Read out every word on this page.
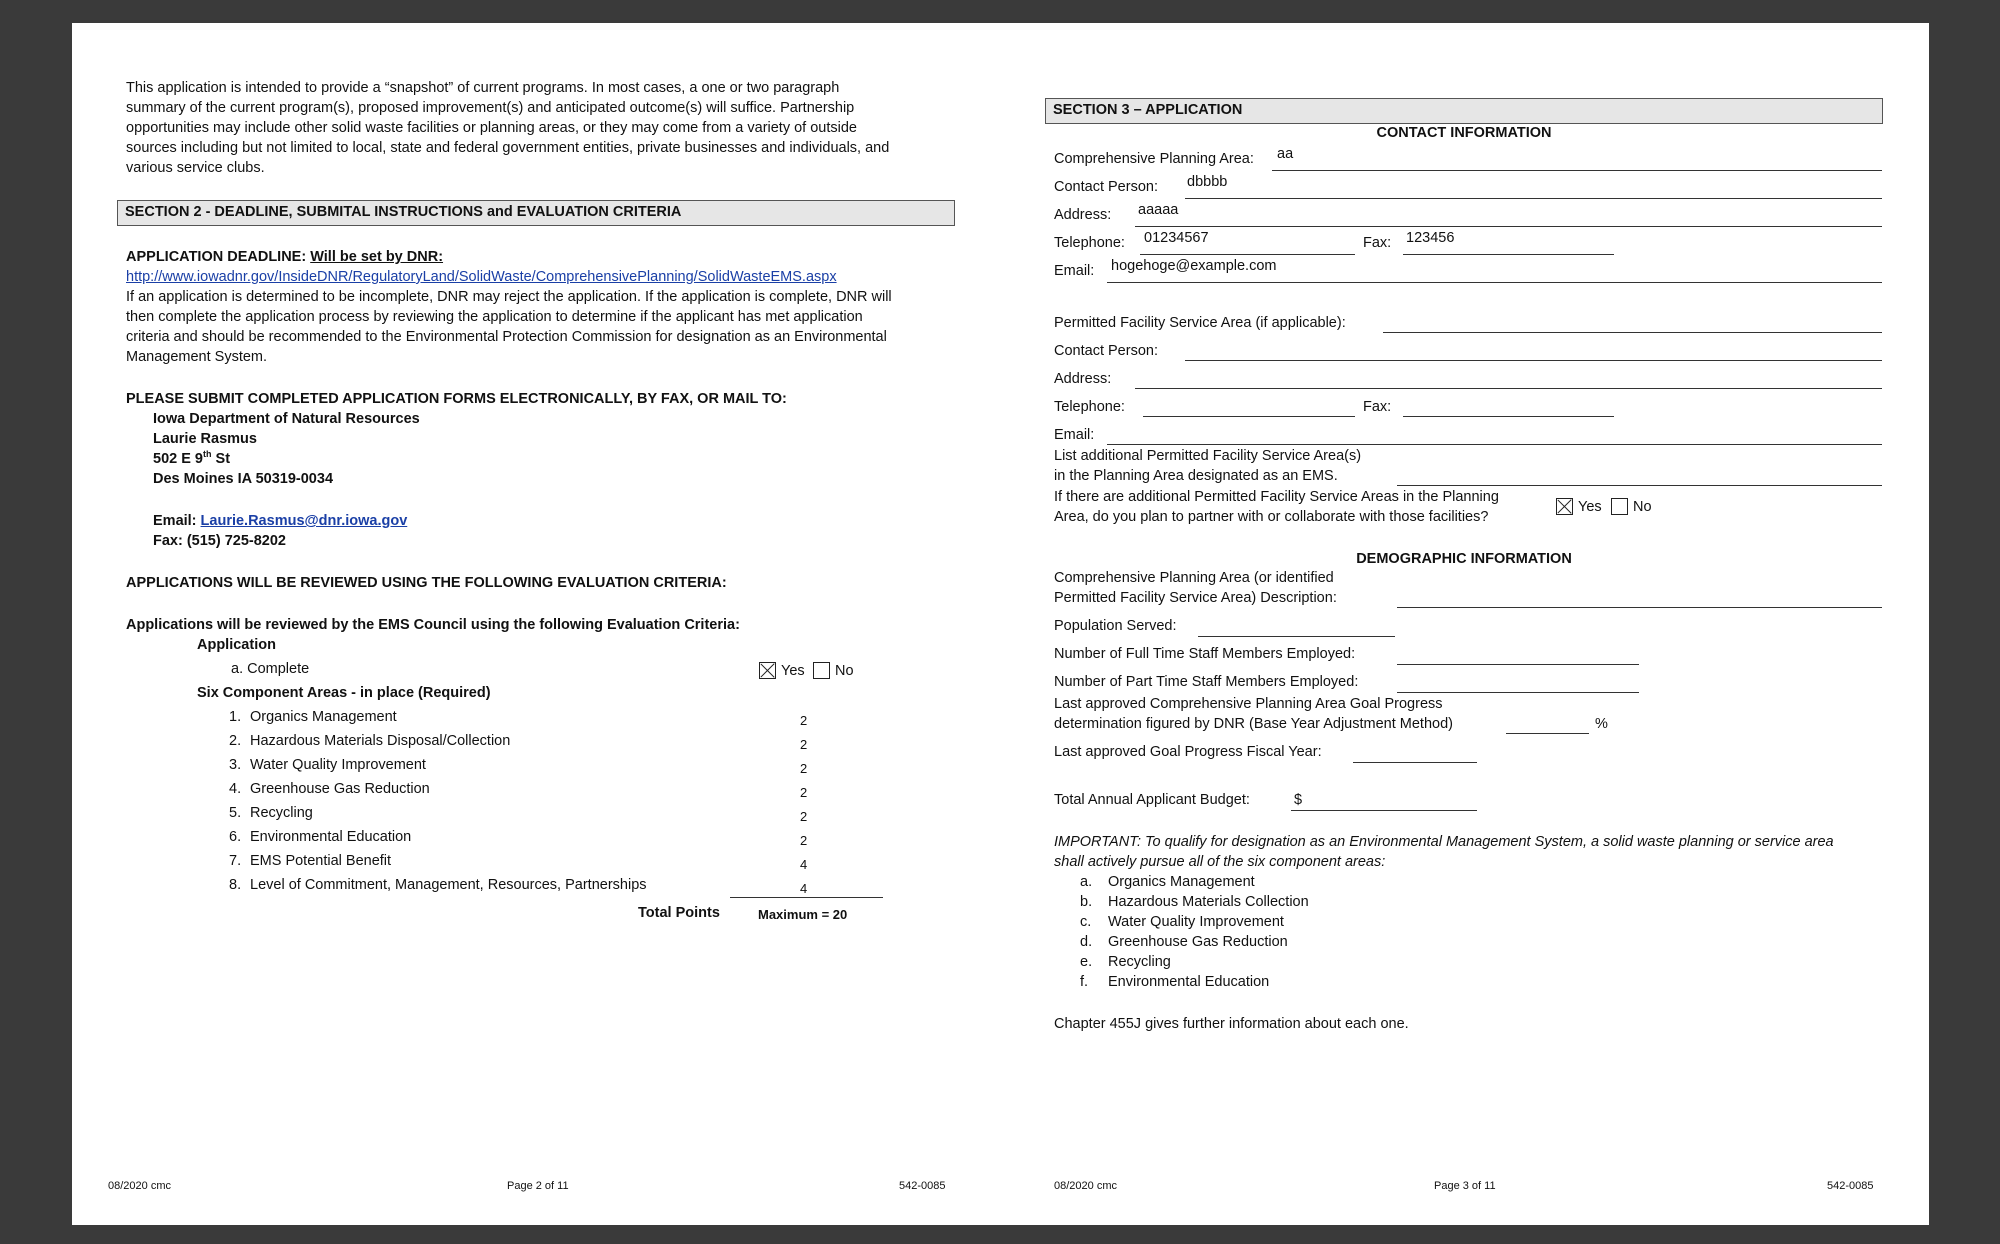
This application is intended to provide a “snapshot” of current programs. In most cases, a one or two paragraph
summary of the current program(s), proposed improvement(s) and anticipated outcome(s) will suffice. Partnership
opportunities may include other solid waste facilities or planning areas, or they may come from a variety of outside
sources including but not limited to local, state and federal government entities, private businesses and individuals, and
various service clubs.
SECTION 2 - DEADLINE, SUBMITAL INSTRUCTIONS and EVALUATION CRITERIA
APPLICATION DEADLINE: Will be set by DNR:
http://www.iowadnr.gov/InsideDNR/RegulatoryLand/SolidWaste/ComprehensivePlanning/SolidWasteEMS.aspx
If an application is determined to be incomplete, DNR may reject the application. If the application is complete, DNR will
then complete the application process by reviewing the application to determine if the applicant has met application
criteria and should be recommended to the Environmental Protection Commission for designation as an Environmental
Management System.
PLEASE SUBMIT COMPLETED APPLICATION FORMS ELECTRONICALLY, BY FAX, OR MAIL TO:
Iowa Department of Natural Resources
Laurie Rasmus
502 E 9th St
Des Moines IA 50319-0034
Email: Laurie.Rasmus@dnr.iowa.gov
Fax: (515) 725-8202
APPLICATIONS WILL BE REVIEWED USING THE FOLLOWING EVALUATION CRITERIA:
Applications will be reviewed by the EMS Council using the following Evaluation Criteria:
Application
a. Complete	Yes No
Six Component Areas - in place (Required)
1. Organics Management	2
2. Hazardous Materials Disposal/Collection	2
3. Water Quality Improvement	2
4. Greenhouse Gas Reduction	2
5. Recycling	2
6. Environmental Education	2
7. EMS Potential Benefit	4
8. Level of Commitment, Management, Resources, Partnerships	4
Total Points	Maximum = 20
08/2020 cmc	Page 2 of 11	542-0085
SECTION 3 – APPLICATION
CONTACT INFORMATION
Comprehensive Planning Area: aa
Contact Person: dbbbb
Address: aaaaa
Telephone: 01234567	Fax: 123456
Email: hogehoge@example.com
Permitted Facility Service Area (if applicable):
Contact Person:
Address:
Telephone:	Fax:
Email:
List additional Permitted Facility Service Area(s)
in the Planning Area designated as an EMS.
If there are additional Permitted Facility Service Areas in the Planning
Area, do you plan to partner with or collaborate with those facilities?
Yes No
DEMOGRAPHIC INFORMATION
Comprehensive Planning Area (or identified
Permitted Facility Service Area) Description:
Population Served:
Number of Full Time Staff Members Employed:
Number of Part Time Staff Members Employed:
Last approved Comprehensive Planning Area Goal Progress
determination figured by DNR (Base Year Adjustment Method)	%
Last approved Goal Progress Fiscal Year:
Total Annual Applicant Budget:	$
IMPORTANT: To qualify for designation as an Environmental Management System, a solid waste planning or service area
shall actively pursue all of the six component areas:
a. Organics Management
b. Hazardous Materials Collection
c. Water Quality Improvement
d. Greenhouse Gas Reduction
e. Recycling
f. Environmental Education
Chapter 455J gives further information about each one.
08/2020 cmc	Page 3 of 11	542-0085
